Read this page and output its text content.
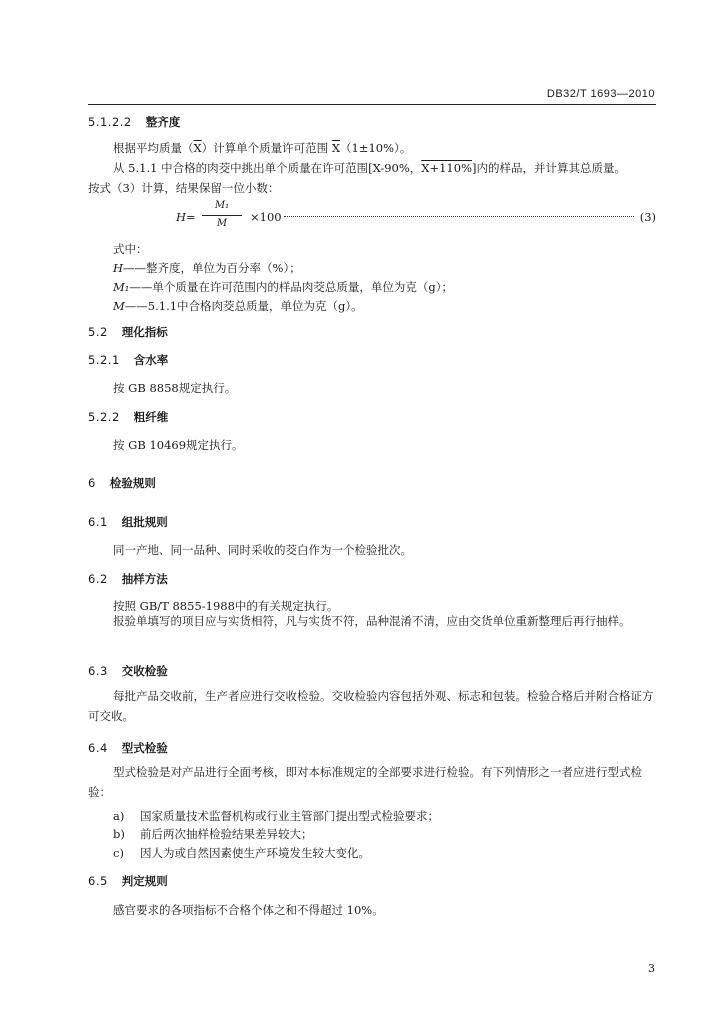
DB32/T 1693—2010
5.1.2.2 整齐度
根据平均质量$(\overline{X})$计算单个质量许可范围 $\overline{X}(1\pm 10\%)$。
从 5.1.1 中合格的肉茭中挑出单个质量在许可范围[X-90%，X+110%]内的样品，并计算其总质量。
按式（3）计算，结果保留一位小数：
H=
M₁
M	×100	(3)
式中：
H——整齐度，单位为百分率（%）；
M₁——单个质量在许可范围内的样品肉茭总质量，单位为克（g）；
M——5.1.1中合格肉茭总质量，单位为克（g）。
5.2 理化指标
5.2.1 含水率
按 GB 8858规定执行。
5.2.2 粗纤维
按 GB 10469规定执行。
6 检验规则
6.1 组批规则
同一产地、同一品种、同时采收的茭白作为一个检验批次。
6.2 抽样方法
按照 GB/T 8855-1988中的有关规定执行。
报验单填写的项目应与实货相符，凡与实货不符，品种混淆不清，应由交货单位重新整理后再行抽样。
6.3 交收检验
每批产品交收前，生产者应进行交收检验。交收检验内容包括外观、标志和包装。检验合格后并附合格证方可交收。
6.4 型式检验
型式检验是对产品进行全面考核，即对本标准规定的全部要求进行检验。有下列情形之一者应进行型式检验：
a) 国家质量技术监督机构或行业主管部门提出型式检验要求；
b) 前后两次抽样检验结果差异较大；
c) 因人为或自然因素使生产环境发生较大变化。
6.5 判定规则
感官要求的各项指标不合格个体之和不得超过 10%。
3
